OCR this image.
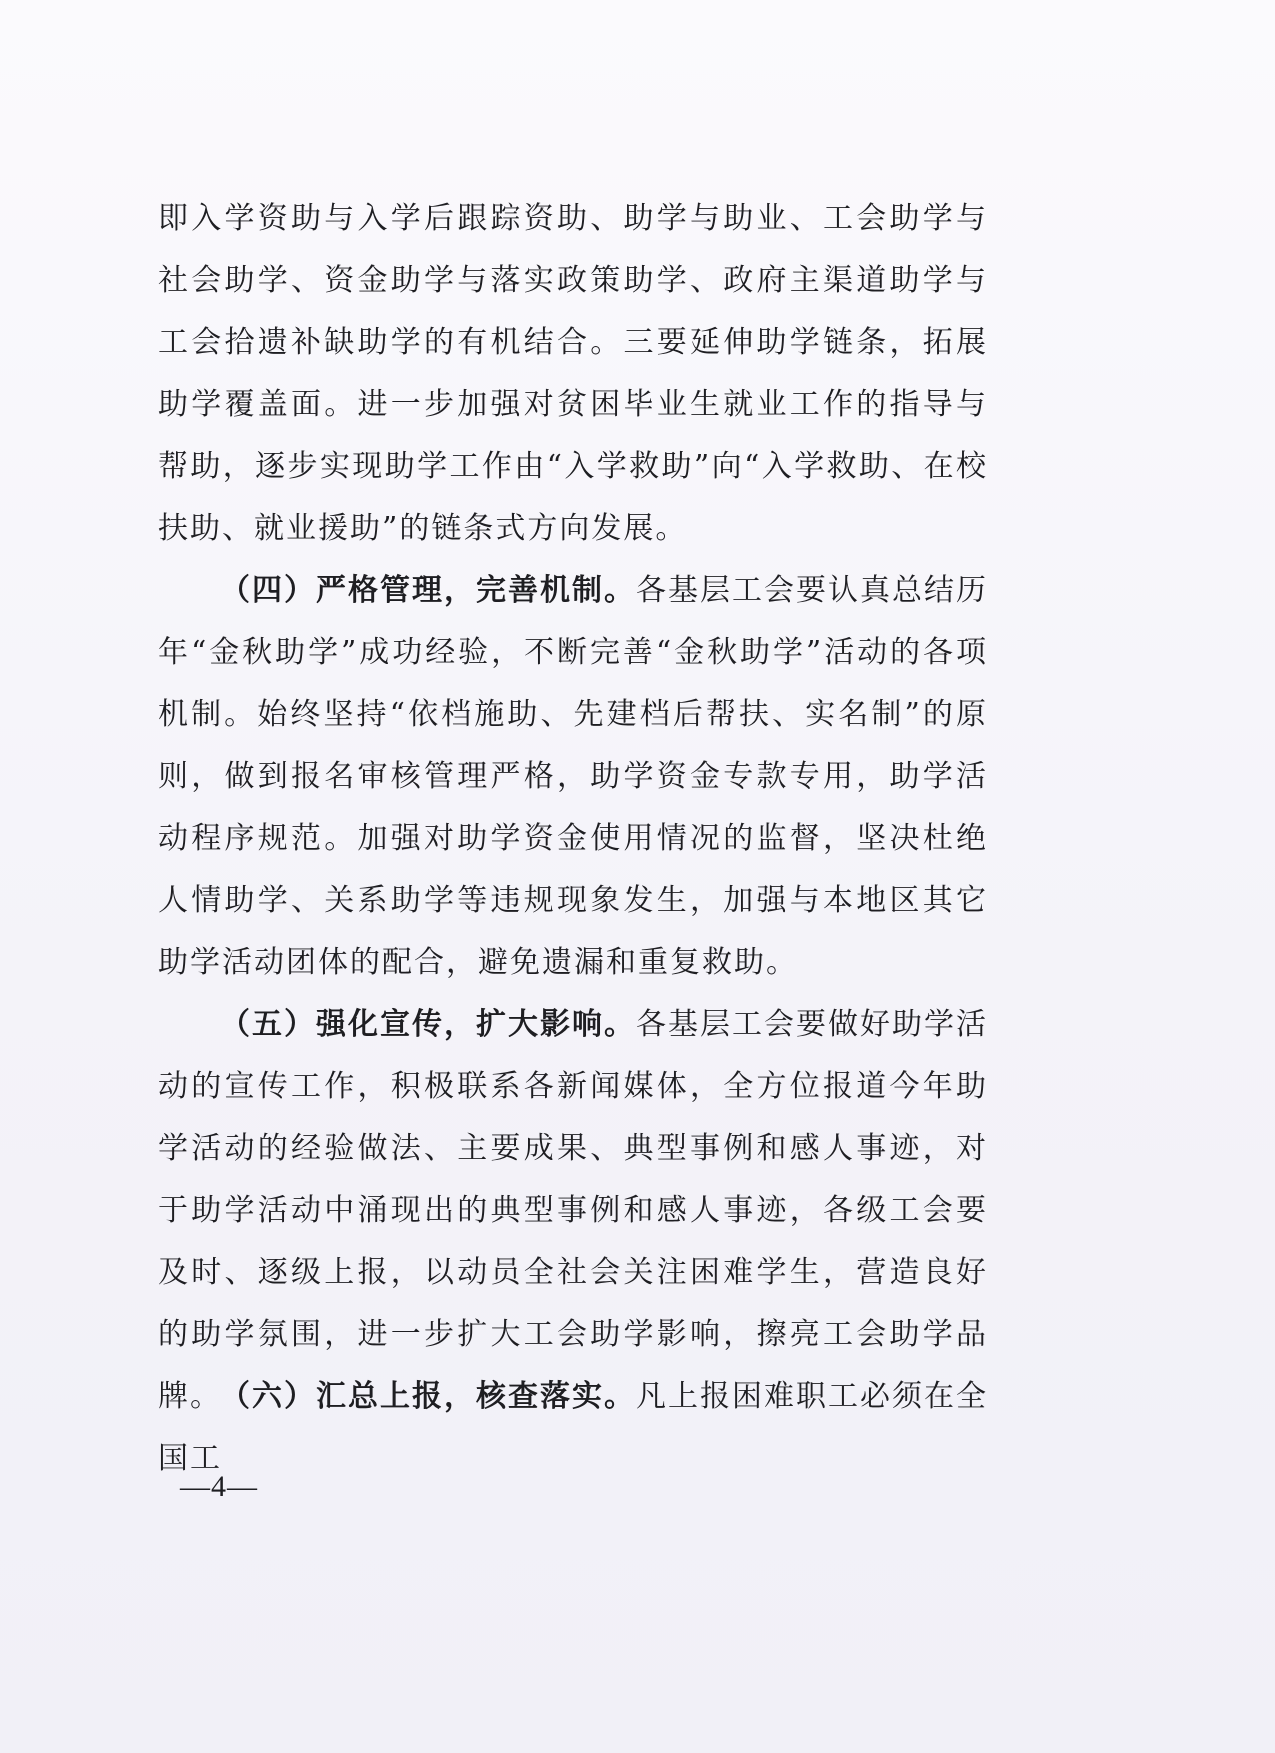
即入学资助与入学后跟踪资助、助学与助业、工会助学与社会助学、资金助学与落实政策助学、政府主渠道助学与工会拾遗补缺助学的有机结合。三要延伸助学链条，拓展助学覆盖面。进一步加强对贫困毕业生就业工作的指导与帮助，逐步实现助学工作由“入学救助”向“入学救助、在校扶助、就业援助”的链条式方向发展。

（四）严格管理，完善机制。各基层工会要认真总结历年“金秋助学”成功经验，不断完善“金秋助学”活动的各项机制。始终坚持“依档施助、先建档后帮扶、实名制”的原则，做到报名审核管理严格，助学资金专款专用，助学活动程序规范。加强对助学资金使用情况的监督，坚决杜绝人情助学、关系助学等违规现象发生，加强与本地区其它助学活动团体的配合，避免遗漏和重复救助。

（五）强化宣传，扩大影响。各基层工会要做好助学活动的宣传工作，积极联系各新闻媒体，全方位报道今年助学活动的经验做法、主要成果、典型事例和感人事迹，对于助学活动中涌现出的典型事例和感人事迹，各级工会要及时、逐级上报，以动员全社会关注困难学生，营造良好的助学氛围，进一步扩大工会助学影响，擦亮工会助学品牌。

（六）汇总上报，核查落实。凡上报困难职工必须在全国工

—4—
